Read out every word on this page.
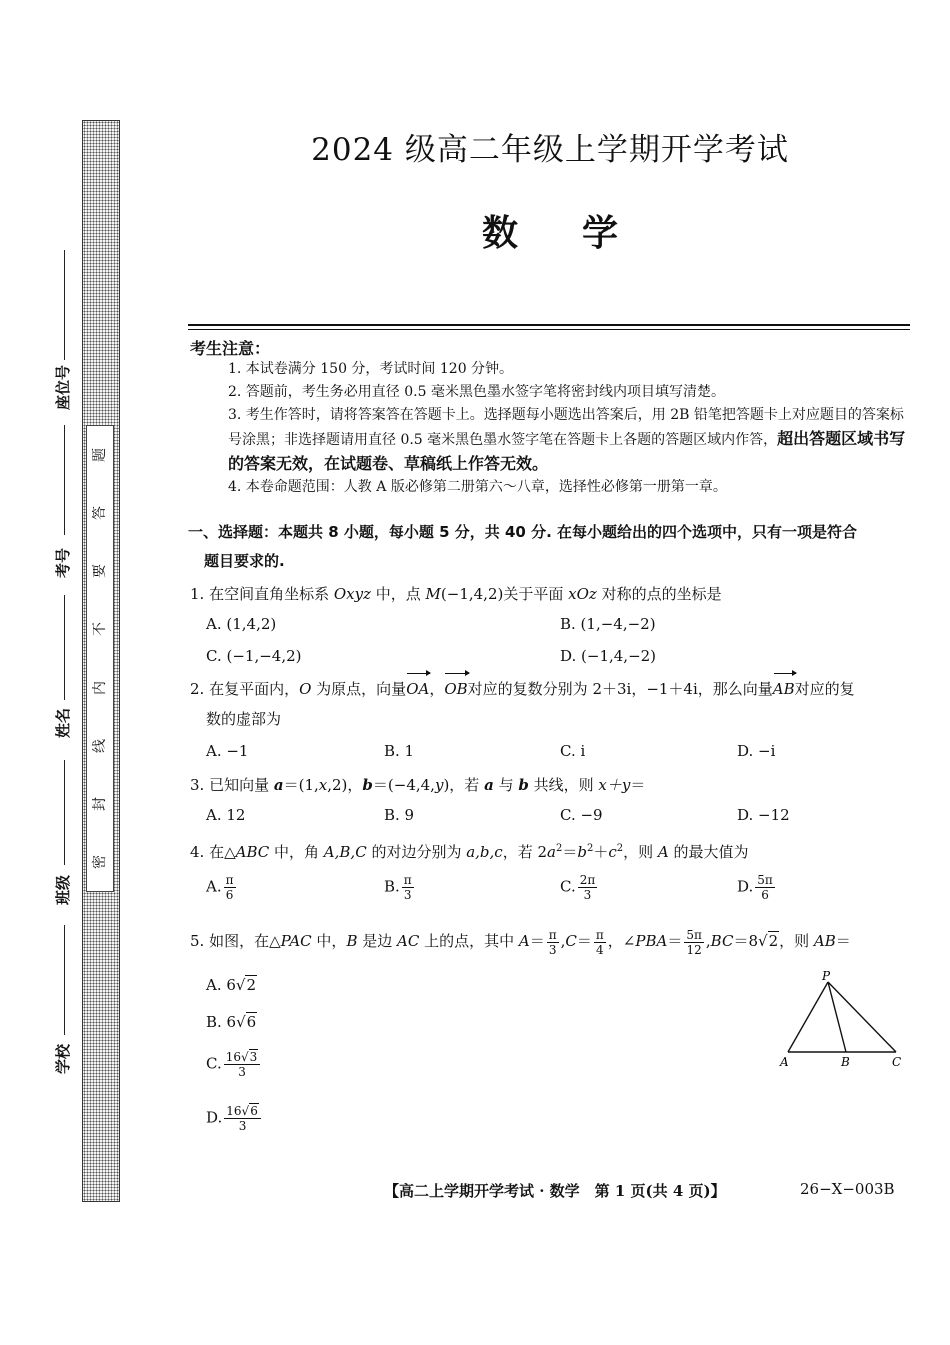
题
答
要
不
内
线
封
密
座位号
考号
姓名
班级
学校
2024 级高二年级上学期开学考试
数学
考生注意：
1. 本试卷满分 150 分，考试时间 120 分钟。
2. 答题前，考生务必用直径 0.5 毫米黑色墨水签字笔将密封线内项目填写清楚。
3. 考生作答时，请将答案答在答题卡上。选择题每小题选出答案后，用 2B 铅笔把答题卡上对应题目的答案标号涂黑；非选择题请用直径 0.5 毫米黑色墨水签字笔在答题卡上各题的答题区域内作答，超出答题区域书写的答案无效，在试题卷、草稿纸上作答无效。
4. 本卷命题范围：人教 A 版必修第二册第六～八章，选择性必修第一册第一章。
一、选择题：本题共 8 小题，每小题 5 分，共 40 分. 在每小题给出的四个选项中，只有一项是符合
题目要求的.
1. 在空间直角坐标系 Oxyz 中，点 M(−1,4,2)关于平面 xOz 对称的点的坐标是
A. (1,4,2)	B. (1,−4,−2)
C. (−1,−4,2)	D. (−1,4,−2)
2. 在复平面内，O 为原点，向量OA，OB对应的复数分别为 2＋3i，−1＋4i，那么向量AB对应的复
数的虚部为
A. −1	B. 1	C. i	D. −i
3. 已知向量 a＝(1,x,2)，b＝(−4,4,y)，若 a 与 b 共线，则 x＋y＝
A. 12	B. 9	C. −9	D. −12
4. 在△ABC 中，角 A,B,C 的对边分别为 a,b,c，若 $2a^2=b^2+c^2$，则 A 的最大值为
A. $\frac{\pi}{6}$	B. $\frac{\pi}{3}$	C. $\frac{2\pi}{3}$	D. $\frac{5\pi}{6}$
5. 如图，在△PAC 中，B 是边 AC 上的点，其中 $A= \frac{\pi}{3} ,C= \frac{\pi}{4}$ ，∠PBA＝ $\frac{5\pi}{12} ,BC=8√2$，则 AB＝
A. 6√2
B. 6√6
C. $\frac{16√3}{3}$
D. $\frac{16√6}{3}$
P
A	B	C
【高二上学期开学考试 · 数学　第 1 页(共 4 页)】	26−X−003B
